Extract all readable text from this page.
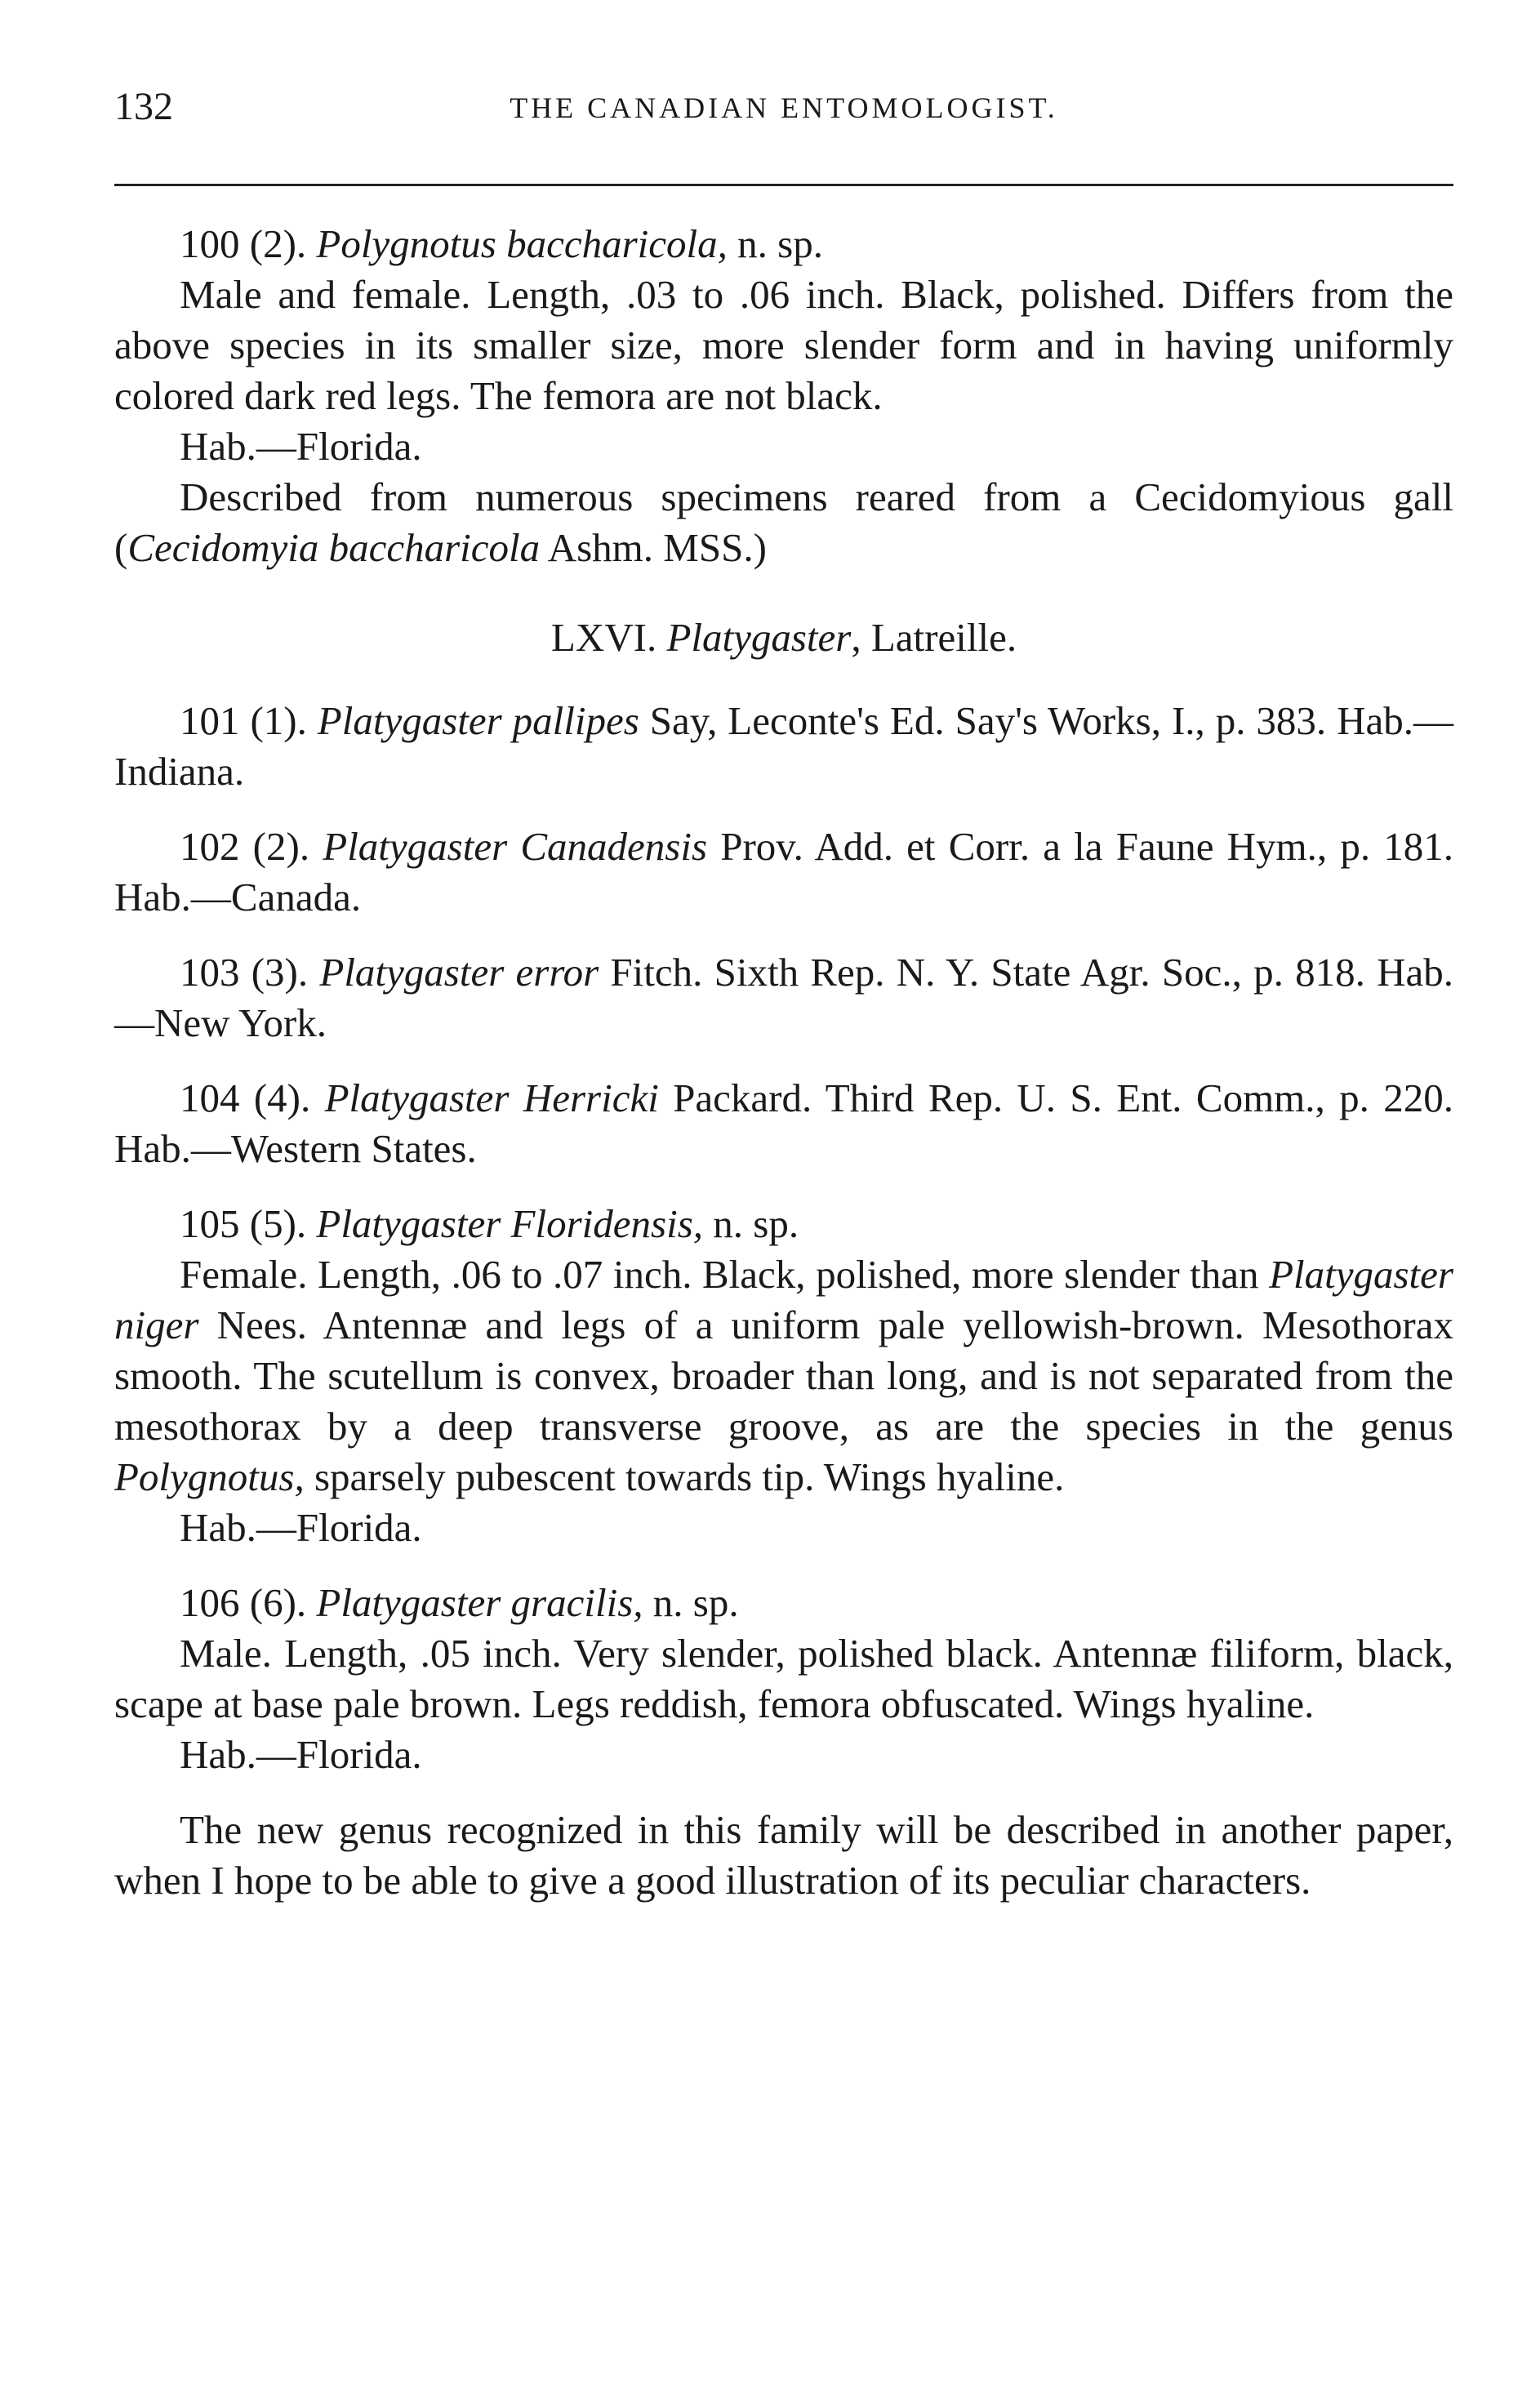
132	THE CANADIAN ENTOMOLOGIST.

100 (2). Polygnotus baccharicola, n. sp.

Male and female. Length, .03 to .06 inch. Black, polished. Differs from the above species in its smaller size, more slender form and in having uniformly colored dark red legs. The femora are not black.

Hab.—Florida.

Described from numerous specimens reared from a Cecidomyious gall (Cecidomyia baccharicola Ashm. MSS.)

LXVI. Platygaster, Latreille.

101 (1). Platygaster pallipes Say, Leconte's Ed. Say's Works, I., p. 383. Hab.—Indiana.

102 (2). Platygaster Canadensis Prov. Add. et Corr. a la Faune Hym., p. 181. Hab.—Canada.

103 (3). Platygaster error Fitch. Sixth Rep. N. Y. State Agr. Soc., p. 818. Hab.—New York.

104 (4). Platygaster Herricki Packard. Third Rep. U. S. Ent. Comm., p. 220. Hab.—Western States.

105 (5). Platygaster Floridensis, n. sp.

Female. Length, .06 to .07 inch. Black, polished, more slender than Platygaster niger Nees. Antennæ and legs of a uniform pale yellowish-brown. Mesothorax smooth. The scutellum is convex, broader than long, and is not separated from the mesothorax by a deep transverse groove, as are the species in the genus Polygnotus, sparsely pubescent towards tip. Wings hyaline.

Hab.—Florida.

106 (6). Platygaster gracilis, n. sp.

Male. Length, .05 inch. Very slender, polished black. Antennæ filiform, black, scape at base pale brown. Legs reddish, femora obfuscated. Wings hyaline.

Hab.—Florida.

The new genus recognized in this family will be described in another paper, when I hope to be able to give a good illustration of its peculiar characters.
